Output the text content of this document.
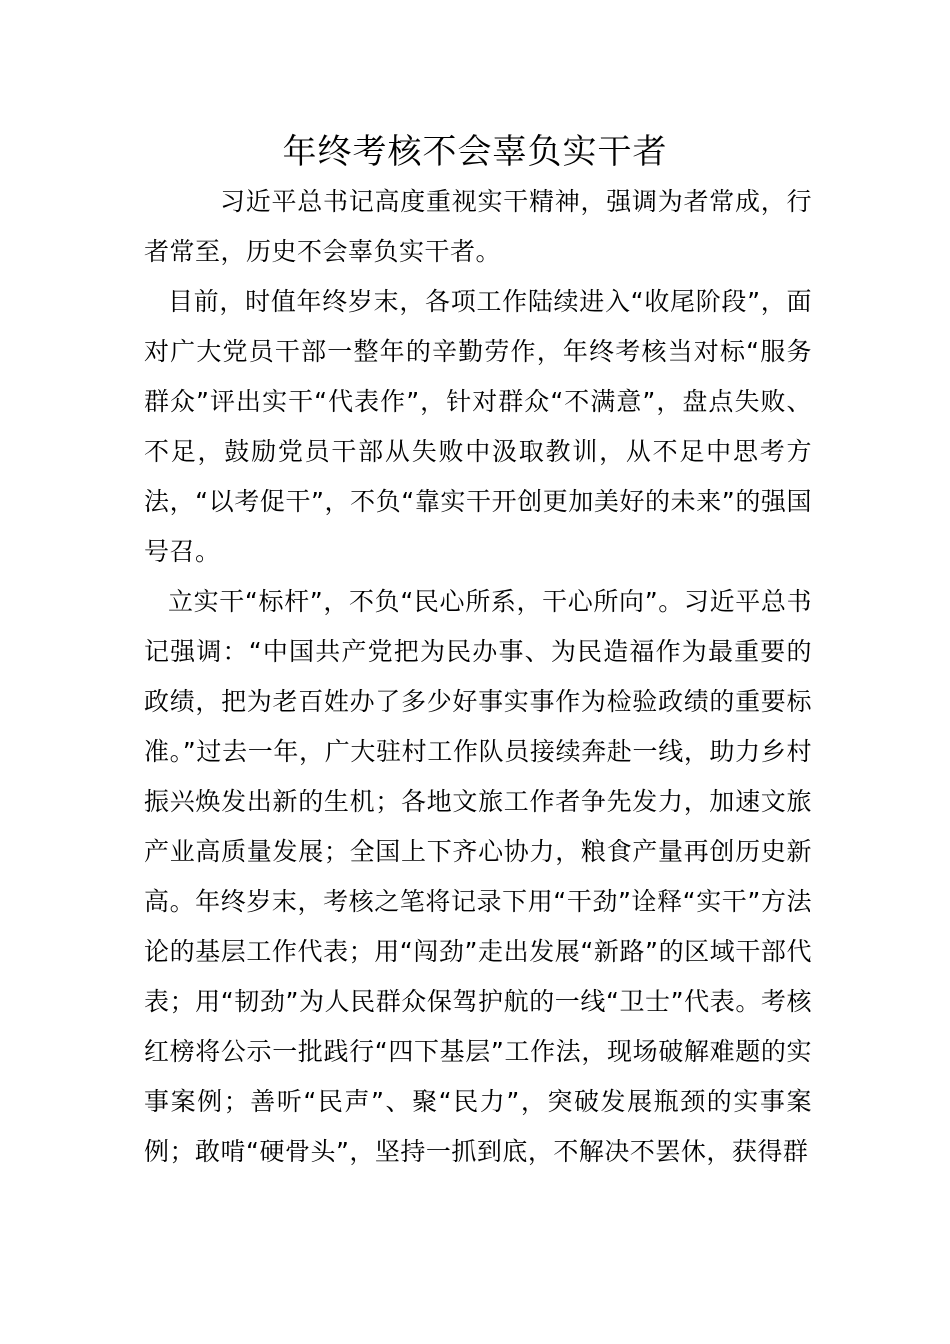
年终考核不会辜负实干者

习近平总书记高度重视实干精神，强调为者常成，行者常至，历史不会辜负实干者。

目前，时值年终岁末，各项工作陆续进入“收尾阶段”，面对广大党员干部一整年的辛勤劳作，年终考核当对标“服务群众”评出实干“代表作”，针对群众“不满意”，盘点失败、不足，鼓励党员干部从失败中汲取教训，从不足中思考方法，“以考促干”，不负“靠实干开创更加美好的未来”的强国号召。

立实干“标杆”，不负“民心所系，干心所向”。习近平总书记强调：“中国共产党把为民办事、为民造福作为最重要的政绩，把为老百姓办了多少好事实事作为检验政绩的重要标准。”过去一年，广大驻村工作队员接续奔赴一线，助力乡村振兴焕发出新的生机；各地文旅工作者争先发力，加速文旅产业高质量发展；全国上下齐心协力，粮食产量再创历史新高。年终岁末，考核之笔将记录下用“干劲”诠释“实干”方法论的基层工作代表；用“闯劲”走出发展“新路”的区域干部代表；用“韧劲”为人民群众保驾护航的一线“卫士”代表。考核红榜将公示一批践行“四下基层”工作法，现场破解难题的实事案例；善听“民声”、聚“民力”，突破发展瓶颈的实事案例；敢啃“硬骨头”，坚持一抓到底，不解决不罢休，获得群
